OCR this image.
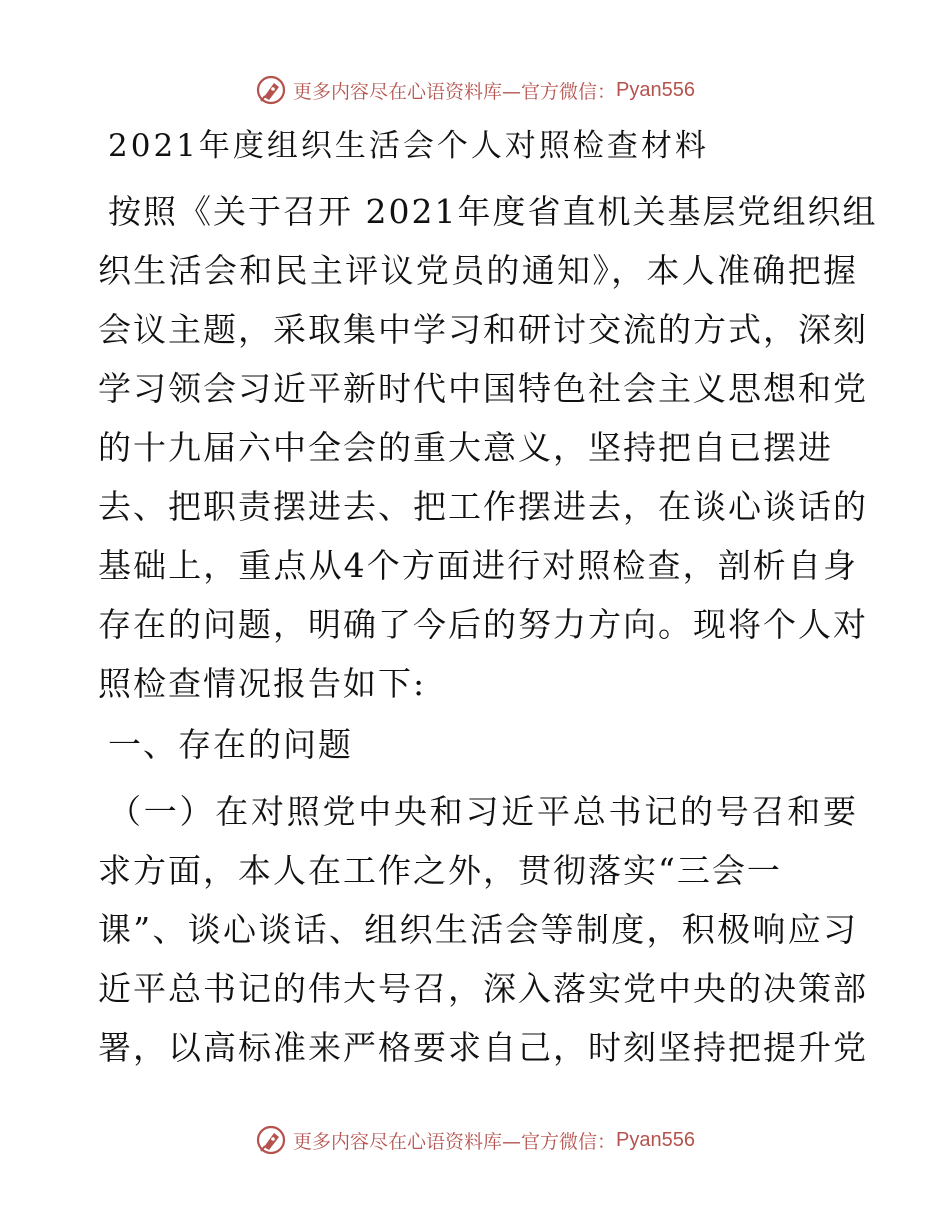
更多内容尽在心语资料库—官方微信： Pyan556
2021年度组织生活会个人对照检查材料

按照《关于召开 2021年度省直机关基层党组织组
织生活会和民主评议党员的通知》，本人准确把握
会议主题，采取集中学习和研讨交流的方式，深刻
学习领会习近平新时代中国特色社会主义思想和党
的十九届六中全会的重大意义，坚持把自已摆进
去、把职责摆进去、把工作摆进去，在谈心谈话的
基础上，重点从4个方面进行对照检查，剖析自身
存在的问题，明确了今后的努力方向。现将个人对
照检查情况报告如下:

一、存在的问题

（一）在对照党中央和习近平总书记的号召和要
求方面，本人在工作之外，贯彻落实“三会一
课”、谈心谈话、组织生活会等制度，积极响应习
近平总书记的伟大号召，深入落实党中央的决策部
署，以高标准来严格要求自己，时刻坚持把提升党

更多内容尽在心语资料库—官方微信： Pyan556
